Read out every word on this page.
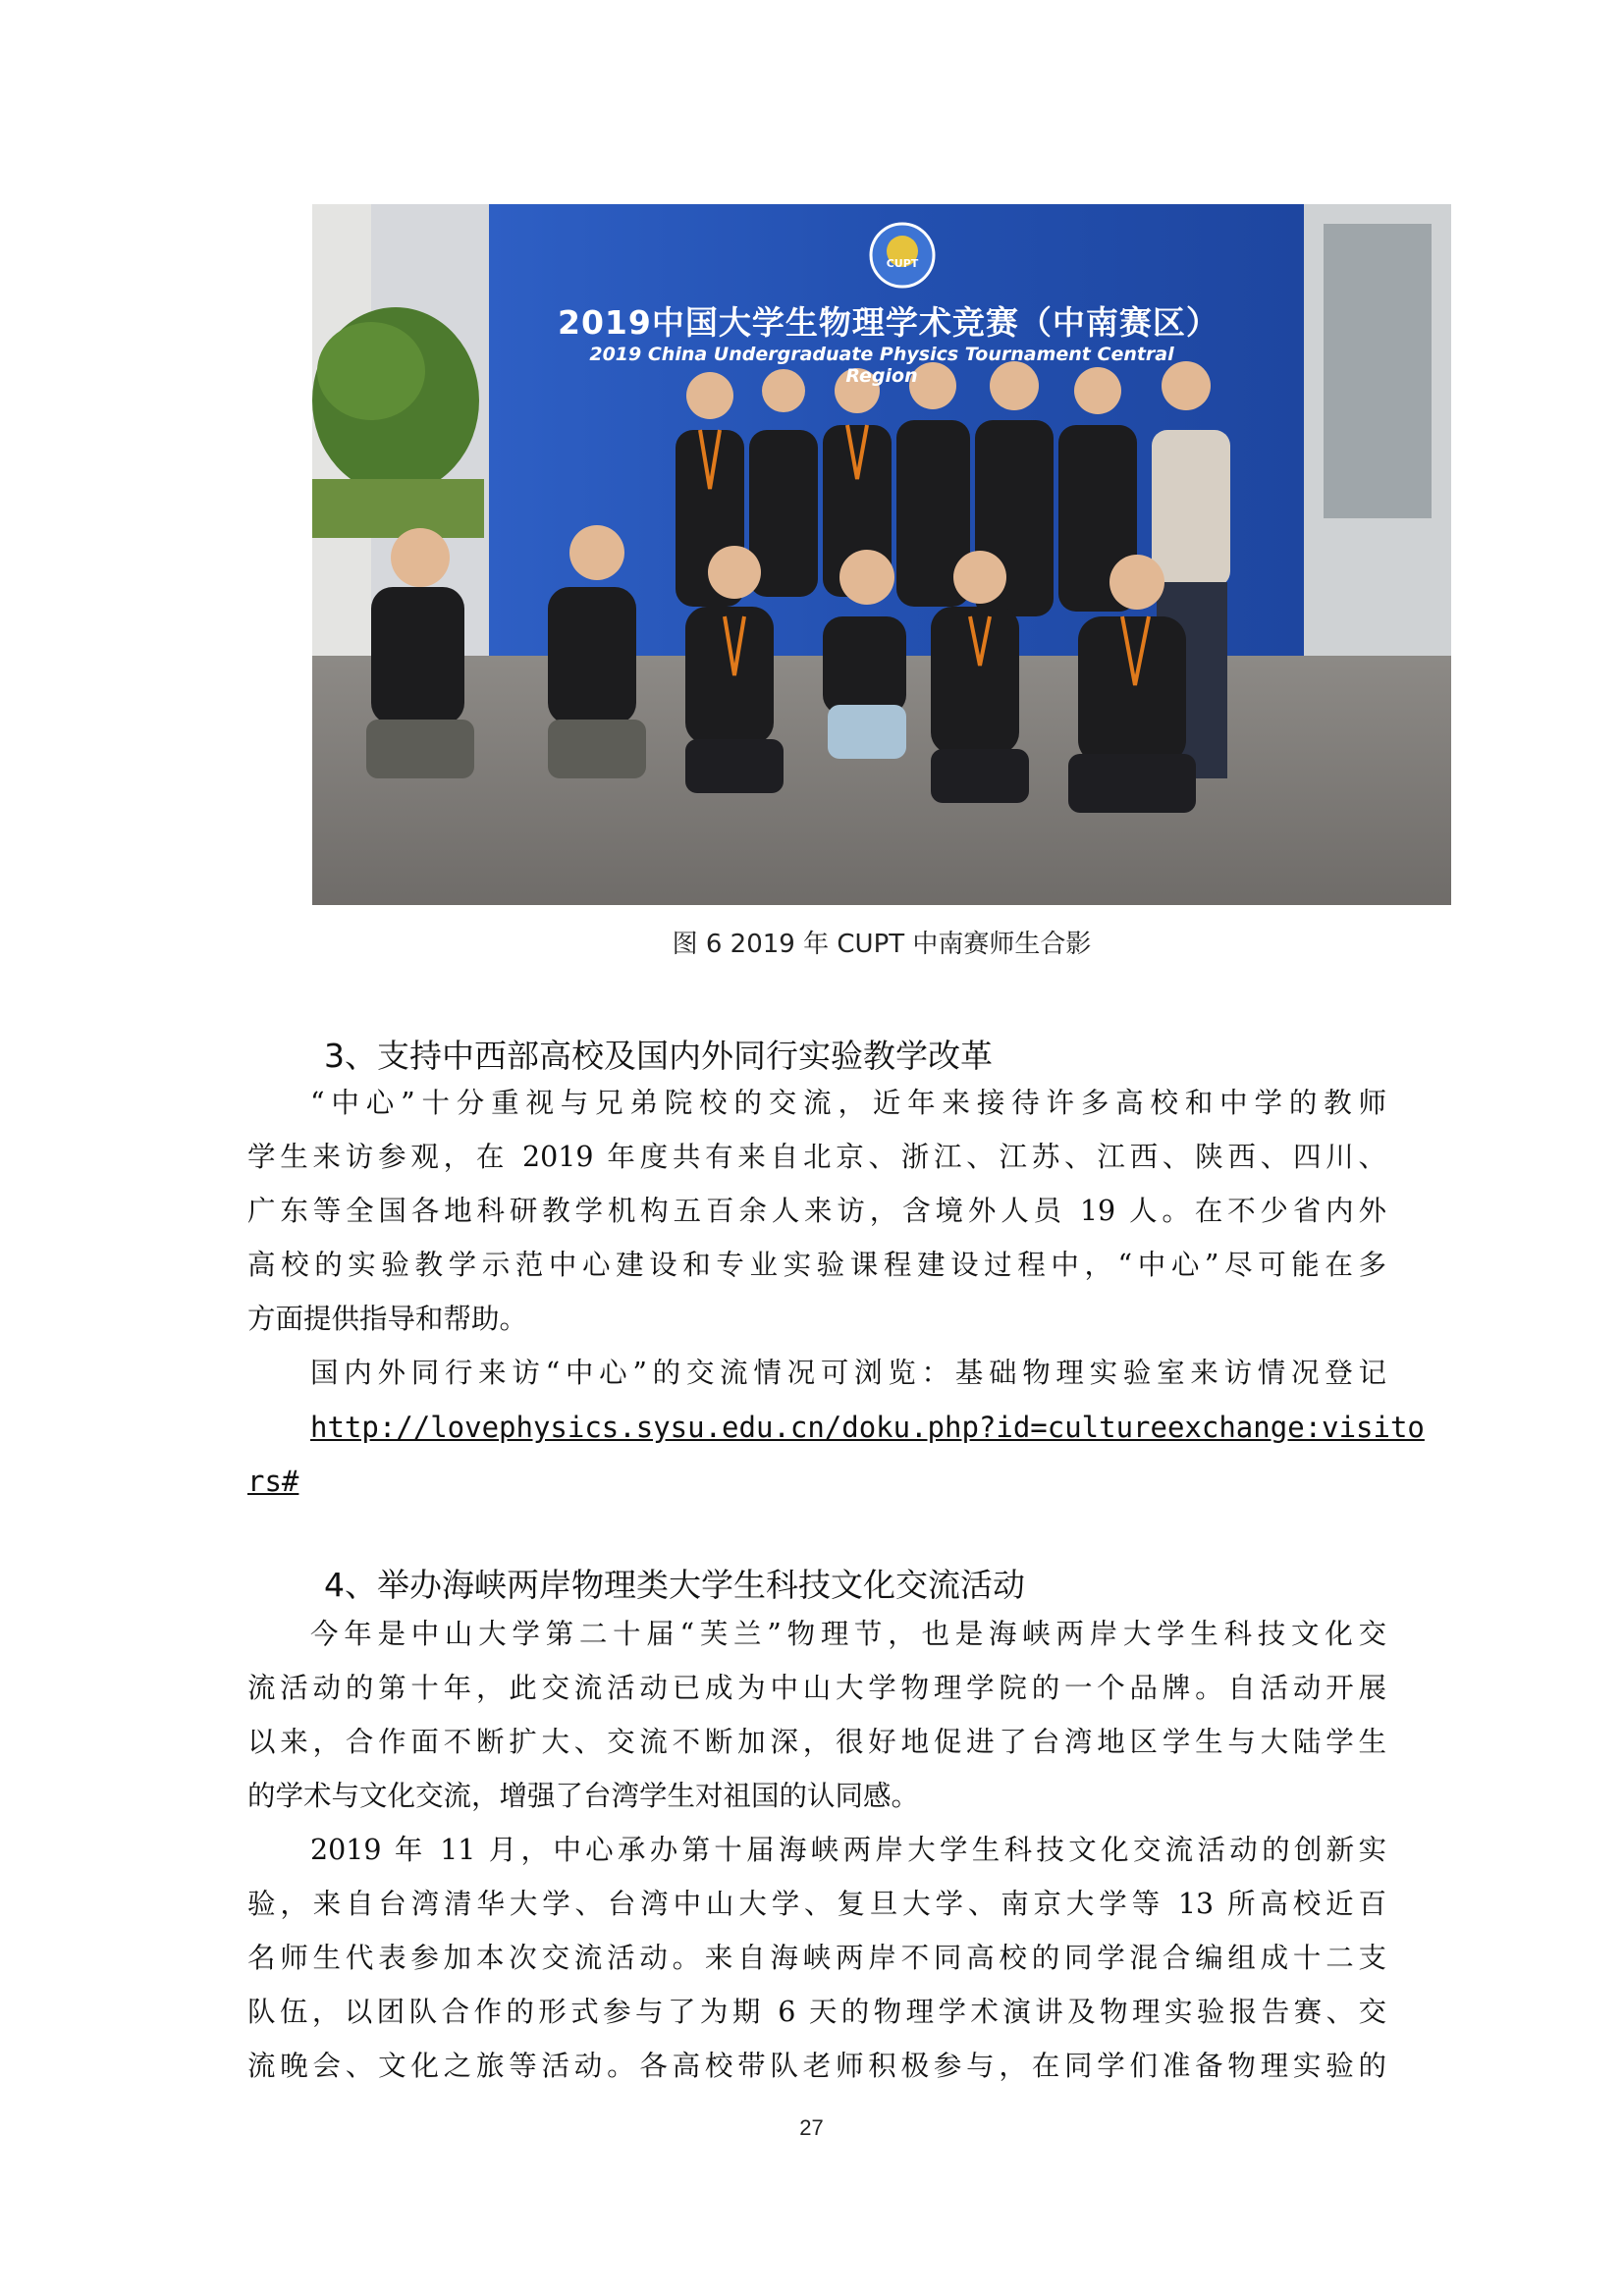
CUPT
2019中国大学生物理学术竞赛（中南赛区）
2019 China Undergraduate Physics Tournament Central Region
图 6 2019 年 CUPT 中南赛师生合影
3、支持中西部高校及国内外同行实验教学改革
“中心”十分重视与兄弟院校的交流，近年来接待许多高校和中学的教师
学生来访参观，在 2019 年度共有来自北京、浙江、江苏、江西、陕西、四川、
广东等全国各地科研教学机构五百余人来访，含境外人员 19 人。在不少省内外
高校的实验教学示范中心建设和专业实验课程建设过程中，“中心”尽可能在多
方面提供指导和帮助。
国内外同行来访“中心”的交流情况可浏览：基础物理实验室来访情况登记
http://lovephysics.sysu.edu.cn/doku.php?id=cultureexchange:visito
rs#
4、举办海峡两岸物理类大学生科技文化交流活动
今年是中山大学第二十届“芙兰”物理节，也是海峡两岸大学生科技文化交
流活动的第十年，此交流活动已成为中山大学物理学院的一个品牌。自活动开展
以来，合作面不断扩大、交流不断加深，很好地促进了台湾地区学生与大陆学生
的学术与文化交流，增强了台湾学生对祖国的认同感。
2019 年 11 月，中心承办第十届海峡两岸大学生科技文化交流活动的创新实
验，来自台湾清华大学、台湾中山大学、复旦大学、南京大学等 13 所高校近百
名师生代表参加本次交流活动。来自海峡两岸不同高校的同学混合编组成十二支
队伍，以团队合作的形式参与了为期 6 天的物理学术演讲及物理实验报告赛、交
流晚会、文化之旅等活动。各高校带队老师积极参与，在同学们准备物理实验的
27
